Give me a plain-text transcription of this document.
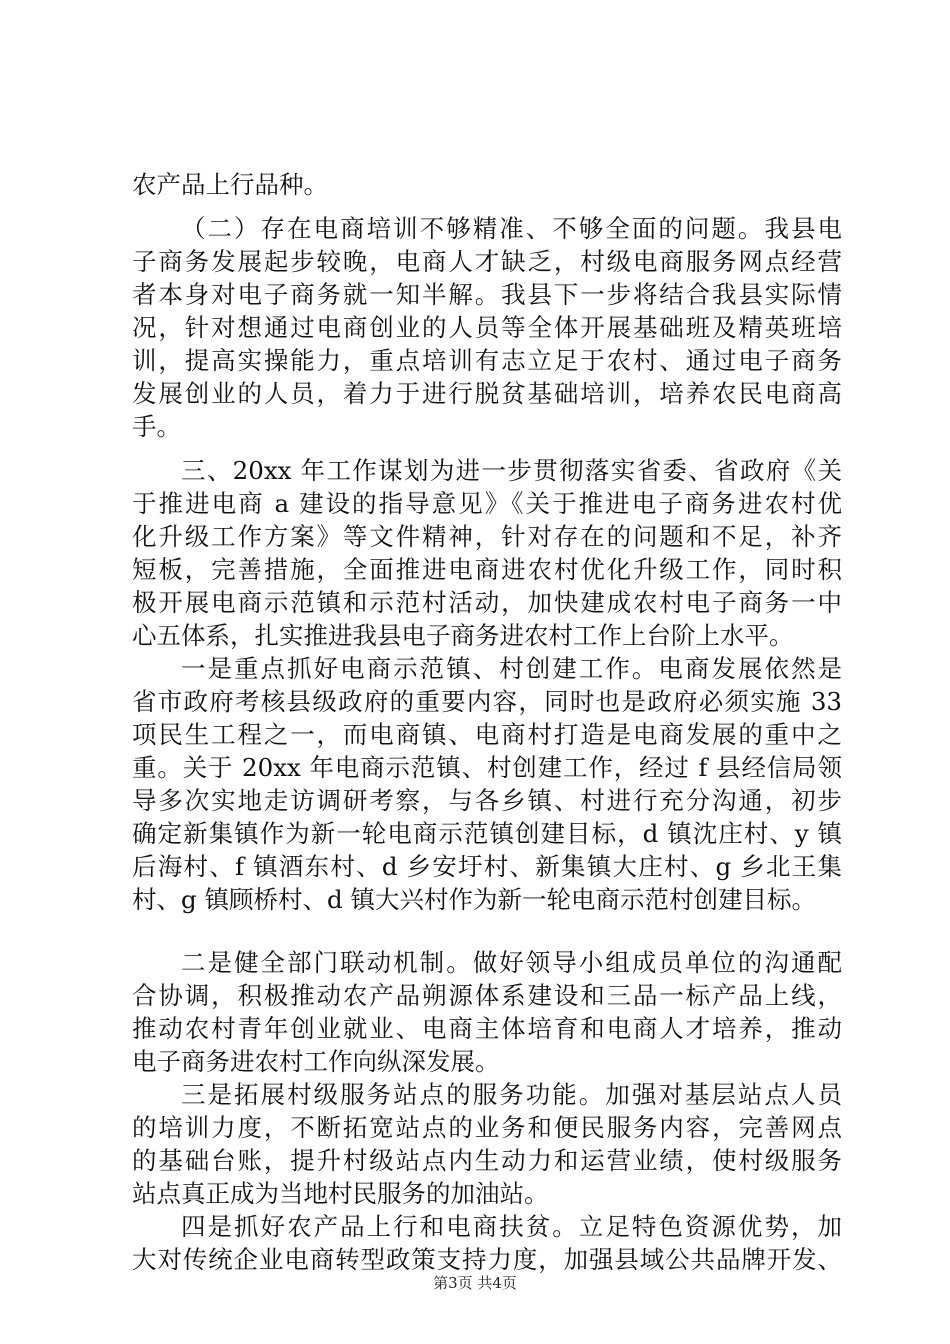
农产品上行品种。
（二）存在电商培训不够精准、不够全面的问题。我县电
子商务发展起步较晚，电商人才缺乏，村级电商服务网点经营
者本身对电子商务就一知半解。我县下一步将结合我县实际情
况，针对想通过电商创业的人员等全体开展基础班及精英班培
训，提高实操能力，重点培训有志立足于农村、通过电子商务
发展创业的人员，着力于进行脱贫基础培训，培养农民电商高
手。
三、20xx 年工作谋划为进一步贯彻落实省委、省政府《关
于推进电商 a 建设的指导意见》《关于推进电子商务进农村优
化升级工作方案》等文件精神，针对存在的问题和不足，补齐
短板，完善措施，全面推进电商进农村优化升级工作，同时积
极开展电商示范镇和示范村活动，加快建成农村电子商务一中
心五体系，扎实推进我县电子商务进农村工作上台阶上水平。
一是重点抓好电商示范镇、村创建工作。电商发展依然是
省市政府考核县级政府的重要内容，同时也是政府必须实施 33
项民生工程之一，而电商镇、电商村打造是电商发展的重中之
重。关于 20xx 年电商示范镇、村创建工作，经过 f 县经信局领
导多次实地走访调研考察，与各乡镇、村进行充分沟通，初步
确定新集镇作为新一轮电商示范镇创建目标，d 镇沈庄村、y 镇
后海村、f 镇酒东村、d 乡安圩村、新集镇大庄村、g 乡北王集
村、g 镇顾桥村、d 镇大兴村作为新一轮电商示范村创建目标。
二是健全部门联动机制。做好领导小组成员单位的沟通配
合协调，积极推动农产品朔源体系建设和三品一标产品上线，
推动农村青年创业就业、电商主体培育和电商人才培养，推动
电子商务进农村工作向纵深发展。
三是拓展村级服务站点的服务功能。加强对基层站点人员
的培训力度，不断拓宽站点的业务和便民服务内容，完善网点
的基础台账，提升村级站点内生动力和运营业绩，使村级服务
站点真正成为当地村民服务的加油站。
四是抓好农产品上行和电商扶贫。立足特色资源优势，加
大对传统企业电商转型政策支持力度，加强县域公共品牌开发、
第3页 共4页
